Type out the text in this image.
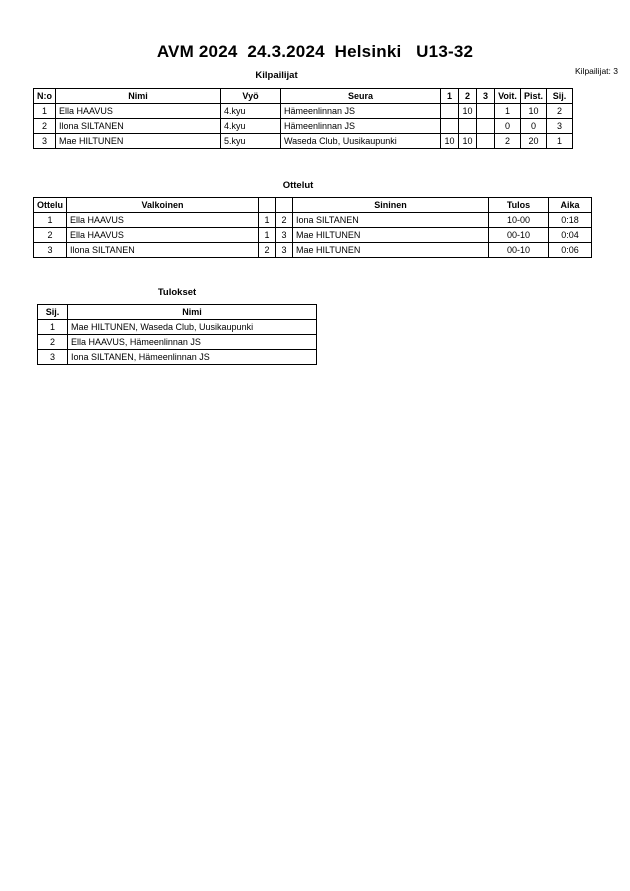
AVM 2024  24.3.2024  Helsinki   U13-32
Kilpailijat: 3
Kilpailijat
N:o	Nimi	Vyö	Seura	1	2	3	Voit.	Pist.	Sij.
1	Ella HAAVUS	4.kyu	Hämeenlinnan JS		10		1	10	2
2	Ilona SILTANEN	4.kyu	Hämeenlinnan JS				0	0	3
3	Mae HILTUNEN	5.kyu	Waseda Club, Uusikaupunki	10	10		2	20	1
Ottelut
Ottelu	Valkoinen			Sininen	Tulos	Aika
1	Ella HAAVUS	1	2	Iona SILTANEN	10-00	0:18
2	Ella HAAVUS	1	3	Mae HILTUNEN	00-10	0:04
3	Ilona SILTANEN	2	3	Mae HILTUNEN	00-10	0:06
Tulokset
Sij.	Nimi
1	Mae HILTUNEN, Waseda Club, Uusikaupunki
2	Ella HAAVUS, Hämeenlinnan JS
3	Iona SILTANEN, Hämeenlinnan JS
